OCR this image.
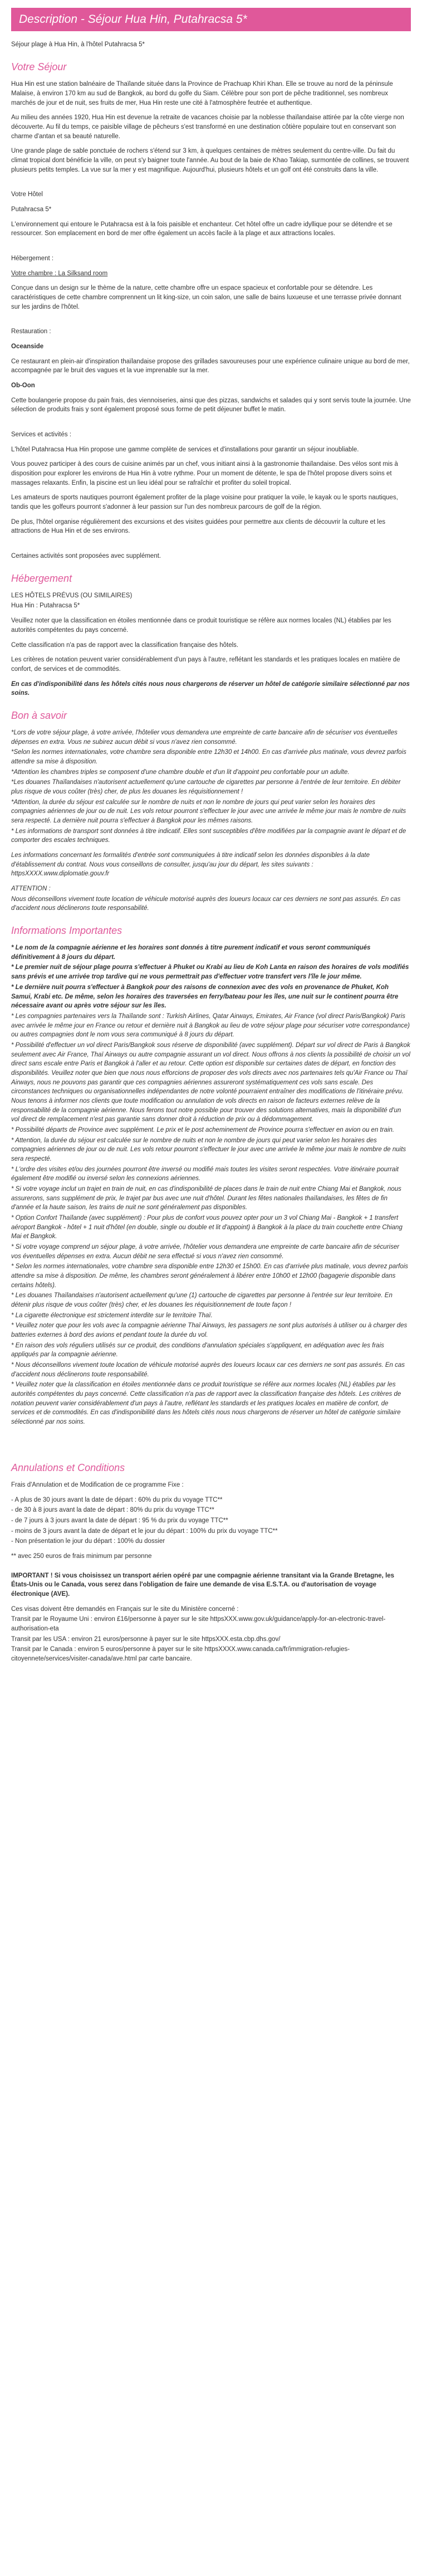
Description - Séjour Hua Hin, Putahracsa 5*

Séjour plage à Hua Hin, à l'hôtel Putahracsa 5*

Votre Séjour

Hua Hin est une station balnéaire de Thaïlande située dans la Province de Prachuap Khiri Khan. Elle se trouve au nord de la péninsule Malaise, à environ 170 km au sud de Bangkok, au bord du golfe du Siam. Célèbre pour son port de pêche traditionnel, ses nombreux marchés de jour et de nuit, ses fruits de mer, Hua Hin reste une cité à l'atmosphère feutrée et authentique.

Au milieu des années 1920, Hua Hin est devenue la retraite de vacances choisie par la noblesse thaïlandaise attirée par la côte vierge non découverte. Au fil du temps, ce paisible village de pêcheurs s'est transformé en une destination côtière populaire tout en conservant son charme d'antan et sa beauté naturelle.

Une grande plage de sable ponctuée de rochers s'étend sur 3 km, à quelques centaines de mètres seulement du centre-ville. Du fait du climat tropical dont bénéficie la ville, on peut s'y baigner toute l'année. Au bout de la baie de Khao Takiap, surmontée de collines, se trouvent plusieurs petits temples. La vue sur la mer y est magnifique. Aujourd'hui, plusieurs hôtels et un golf ont été construits dans la ville.

Votre Hôtel

Putahracsa 5*

L'environnement qui entoure le Putahracsa est à la fois paisible et enchanteur. Cet hôtel offre un cadre idyllique pour se détendre et se ressourcer. Son emplacement en bord de mer offre également un accès facile à la plage et aux attractions locales.

Hébergement :

Votre chambre : La Silksand room

Conçue dans un design sur le thème de la nature, cette chambre offre un espace spacieux et confortable pour se détendre. Les caractéristiques de cette chambre comprennent un lit king-size, un coin salon, une salle de bains luxueuse et une terrasse privée donnant sur les jardins de l'hôtel.

Restauration :

Oceanside

Ce restaurant en plein-air d'inspiration thaïlandaise propose des grillades savoureuses pour une expérience culinaire unique au bord de mer, accompagnée par le bruit des vagues et la vue imprenable sur la mer.

Ob-Oon

Cette boulangerie propose du pain frais, des viennoiseries, ainsi que des pizzas, sandwichs et salades qui y sont servis toute la journée. Une sélection de produits frais y sont également proposé sous forme de petit déjeuner buffet le matin.

Services et activités :

L'hôtel Putahracsa Hua Hin propose une gamme complète de services et d'installations pour garantir un séjour inoubliable.

Vous pouvez participer à des cours de cuisine animés par un chef, vous initiant ainsi à la gastronomie thaïlandaise. Des vélos sont mis à disposition pour explorer les environs de Hua Hin à votre rythme. Pour un moment de détente, le spa de l'hôtel propose divers soins et massages relaxants. Enfin, la piscine est un lieu idéal pour se rafraîchir et profiter du soleil tropical.

Les amateurs de sports nautiques pourront également profiter de la plage voisine pour pratiquer la voile, le kayak ou le sports nautiques, tandis que les golfeurs pourront s'adonner à leur passion sur l'un des nombreux parcours de golf de la région.

De plus, l'hôtel organise régulièrement des excursions et des visites guidées pour permettre aux clients de découvrir la culture et les attractions de Hua Hin et de ses environs.

Certaines activités sont proposées avec supplément.

Hébergement

LES HÔTELS PRÉVUS (OU SIMILAIRES)

Hua Hin : Putahracsa 5*

Veuillez noter que la classification en étoiles mentionnée dans ce produit touristique se réfère aux normes locales (NL) établies par les autorités compétentes du pays concerné.

Cette classification n'a pas de rapport avec la classification française des hôtels.

Les critères de notation peuvent varier considérablement d'un pays à l'autre, reflétant les standards et les pratiques locales en matière de confort, de services et de commodités.

En cas d'indisponibilité dans les hôtels cités nous nous chargerons de réserver un hôtel de catégorie similaire sélectionné par nos soins.

Bon à savoir

*Lors de votre séjour plage, à votre arrivée, l'hôtelier vous demandera une empreinte de carte bancaire afin de sécuriser vos éventuelles dépenses en extra. Vous ne subirez aucun débit si vous n'avez rien consommé.

*Selon les normes internationales, votre chambre sera disponible entre 12h30 et 14h00. En cas d'arrivée plus matinale, vous devrez parfois attendre sa mise à disposition.

*Attention les chambres triples se composent d'une chambre double et d'un lit d'appoint peu confortable pour un adulte.

*Les douanes Thaïlandaises n'autorisent actuellement qu'une cartouche de cigarettes par personne à l'entrée de leur territoire. En débiter plus risque de vous coûter (très) cher, de plus les douanes les réquisitionnement !

*Attention, la durée du séjour est calculée sur le nombre de nuits et non le nombre de jours qui peut varier selon les horaires des compagnies aériennes de jour ou de nuit. Les vols retour pourront s'effectuer le jour avec une arrivée le même jour mais le nombre de nuits sera respecté. La dernière nuit pourra s'effectuer à Bangkok pour les mêmes raisons.

* Les informations de transport sont données à titre indicatif. Elles sont susceptibles d'être modifiées par la compagnie avant le départ et de comporter des escales techniques.

Les informations concernant les formalités d'entrée sont communiquées à titre indicatif selon les données disponibles à la date d'établissement du contrat. Nous vous conseillons de consulter, jusqu'au jour du départ, les sites suivants : httpsXXXX.www.diplomatie.gouv.fr

ATTENTION :

Nous déconseillons vivement toute location de véhicule motorisé auprès des loueurs locaux car ces derniers ne sont pas assurés. En cas d'accident nous déclinerons toute responsabilité.

Informations Importantes

* Le nom de la compagnie aérienne et les horaires sont donnés à titre purement indicatif et vous seront communiqués définitivement à 8 jours du départ.

* Le premier nuit de séjour plage pourra s'effectuer à Phuket ou Krabi au lieu de Koh Lanta en raison des horaires de vols modifiés sans prévis et une arrivée trop tardive qui ne vous permettrait pas d'effectuer votre transfert vers l'île le jour même.

* Le dernière nuit pourra s'effectuer à Bangkok pour des raisons de connexion avec des vols en provenance de Phuket, Koh Samui, Krabi etc. De même, selon les horaires des traversées en ferry/bateau pour les îles, une nuit sur le continent pourra être nécessaire avant ou après votre séjour sur les îles.

* Les compagnies partenaires vers la Thaïlande sont : Turkish Airlines, Qatar Airways, Emirates, Air France (vol direct Paris/Bangkok) Paris avec arrivée le même jour en France ou retour et dernière nuit à Bangkok au lieu de votre séjour plage pour sécuriser votre correspondance) ou autres compagnies dont le nom vous sera communiqué à 8 jours du départ.

* Possibilité d'effectuer un vol direct Paris/Bangkok sous réserve de disponibilité (avec supplément). Départ sur vol direct de Paris à Bangkok seulement avec Air France, Thaï Airways ou autre compagnie assurant un vol direct. Nous offrons à nos clients la possibilité de choisir un vol direct sans escale entre Paris et Bangkok à l'aller et au retour. Cette option est disponible sur certaines dates de départ, en fonction des disponibilités. Veuillez noter que bien que nous nous efforcions de proposer des vols directs avec nos partenaires tels qu'Air France ou Thaï Airways, nous ne pouvons pas garantir que ces compagnies aériennes assureront systématiquement ces vols sans escale. Des circonstances techniques ou organisationnelles indépendantes de notre volonté pourraient entraîner des modifications de l'itinéraire prévu. Nous tenons à informer nos clients que toute modification ou annulation de vols directs en raison de facteurs externes relève de la responsabilité de la compagnie aérienne. Nous ferons tout notre possible pour trouver des solutions alternatives, mais la disponibilité d'un vol direct de remplacement n'est pas garantie sans donner droit à réduction de prix ou à dédommagement.

* Possibilité départs de Province avec supplément. Le prix et le post acheminement de Province pourra s'effectuer en avion ou en train.

* Attention, la durée du séjour est calculée sur le nombre de nuits et non le nombre de jours qui peut varier selon les horaires des compagnies aériennes de jour ou de nuit. Les vols retour pourront s'effectuer le jour avec une arrivée le même jour mais le nombre de nuits sera respecté.

* L'ordre des visites et/ou des journées pourront être inversé ou modifié mais toutes les visites seront respectées. Votre itinéraire pourrait également être modifié ou inversé selon les connexions aériennes.

* Si votre voyage inclut un trajet en train de nuit, en cas d'indisponibilité de places dans le train de nuit entre Chiang Mai et Bangkok, nous assurerons, sans supplément de prix, le trajet par bus avec une nuit d'hôtel. Durant les fêtes nationales thaïlandaises, les fêtes de fin d'année et la haute saison, les trains de nuit ne sont généralement pas disponibles.

* Option Confort Thaïlande (avec supplément) : Pour plus de confort vous pouvez opter pour un 3 vol Chiang Mai - Bangkok + 1 transfert aéroport Bangkok - hôtel + 1 nuit d'hôtel (en double, single ou double et lit d'appoint) à Bangkok à la place du train couchette entre Chiang Mai et Bangkok.

* Si votre voyage comprend un séjour plage, à votre arrivée, l'hôtelier vous demandera une empreinte de carte bancaire afin de sécuriser vos éventuelles dépenses en extra. Aucun débit ne sera effectué si vous n'avez rien consommé.

* Selon les normes internationales, votre chambre sera disponible entre 12h30 et 15h00. En cas d'arrivée plus matinale, vous devrez parfois attendre sa mise à disposition. De même, les chambres seront généralement à libérer entre 10h00 et 12h00 (bagagerie disponible dans certains hôtels).

* Les douanes Thaïlandaises n'autorisent actuellement qu'une (1) cartouche de cigarettes par personne à l'entrée sur leur territoire. En détenir plus risque de vous coûter (très) cher, et les douanes les réquisitionnement de toute façon !

* La cigarette électronique est strictement interdite sur le territoire Thaï.

* Veuillez noter que pour les vols avec la compagnie aérienne Thaï Airways, les passagers ne sont plus autorisés à utiliser ou à charger des batteries externes à bord des avions et pendant toute la durée du vol.

* En raison des vols réguliers utilisés sur ce produit, des conditions d'annulation spéciales s'appliquent, en adéquation avec les frais appliqués par la compagnie aérienne.

* Nous déconseillons vivement toute location de véhicule motorisé auprès des loueurs locaux car ces derniers ne sont pas assurés. En cas d'accident nous déclinerons toute responsabilité.

* Veuillez noter que la classification en étoiles mentionnée dans ce produit touristique se réfère aux normes locales (NL) établies par les autorités compétentes du pays concerné. Cette classification n'a pas de rapport avec la classification française des hôtels. Les critères de notation peuvent varier considérablement d'un pays à l'autre, reflétant les standards et les pratiques locales en matière de confort, de services et de commodités. En cas d'indisponibilité dans les hôtels cités nous nous chargerons de réserver un hôtel de catégorie similaire sélectionné par nos soins.

Annulations et Conditions

Frais d'Annulation et de Modification de ce programme Fixe :

- A plus de 30 jours avant la date de départ : 60% du prix du voyage TTC**

- de 30 à 8 jours avant la date de départ : 80% du prix du voyage TTC**

- de 7 jours à 3 jours avant la date de départ : 95 % du prix du voyage TTC**

- moins de 3 jours avant la date de départ et le jour du départ : 100% du prix du voyage TTC**

- Non présentation le jour du départ : 100% du dossier

** avec 250 euros de frais minimum par personne

IMPORTANT ! Si vous choisissez un transport aérien opéré par une compagnie aérienne transitant via la Grande Bretagne, les États-Unis ou le Canada, vous serez dans l'obligation de faire une demande de visa E.S.T.A. ou d'autorisation de voyage électronique (AVE).

Ces visas doivent être demandés en Français sur le site du Ministère concerné :

Transit par le Royaume Uni : environ £16/personne à payer sur le site httpsXXX.www.gov.uk/guidance/apply-for-an-electronic-travel-authorisation-eta

Transit par les USA : environ 21 euros/personne à payer sur le site httpsXXX.esta.cbp.dhs.gov/

Transit par le Canada : environ 5 euros/personne à payer sur le site httpsXXXX.www.canada.ca/fr/immigration-refugies-citoyennete/services/visiter-canada/ave.html par carte bancaire.
